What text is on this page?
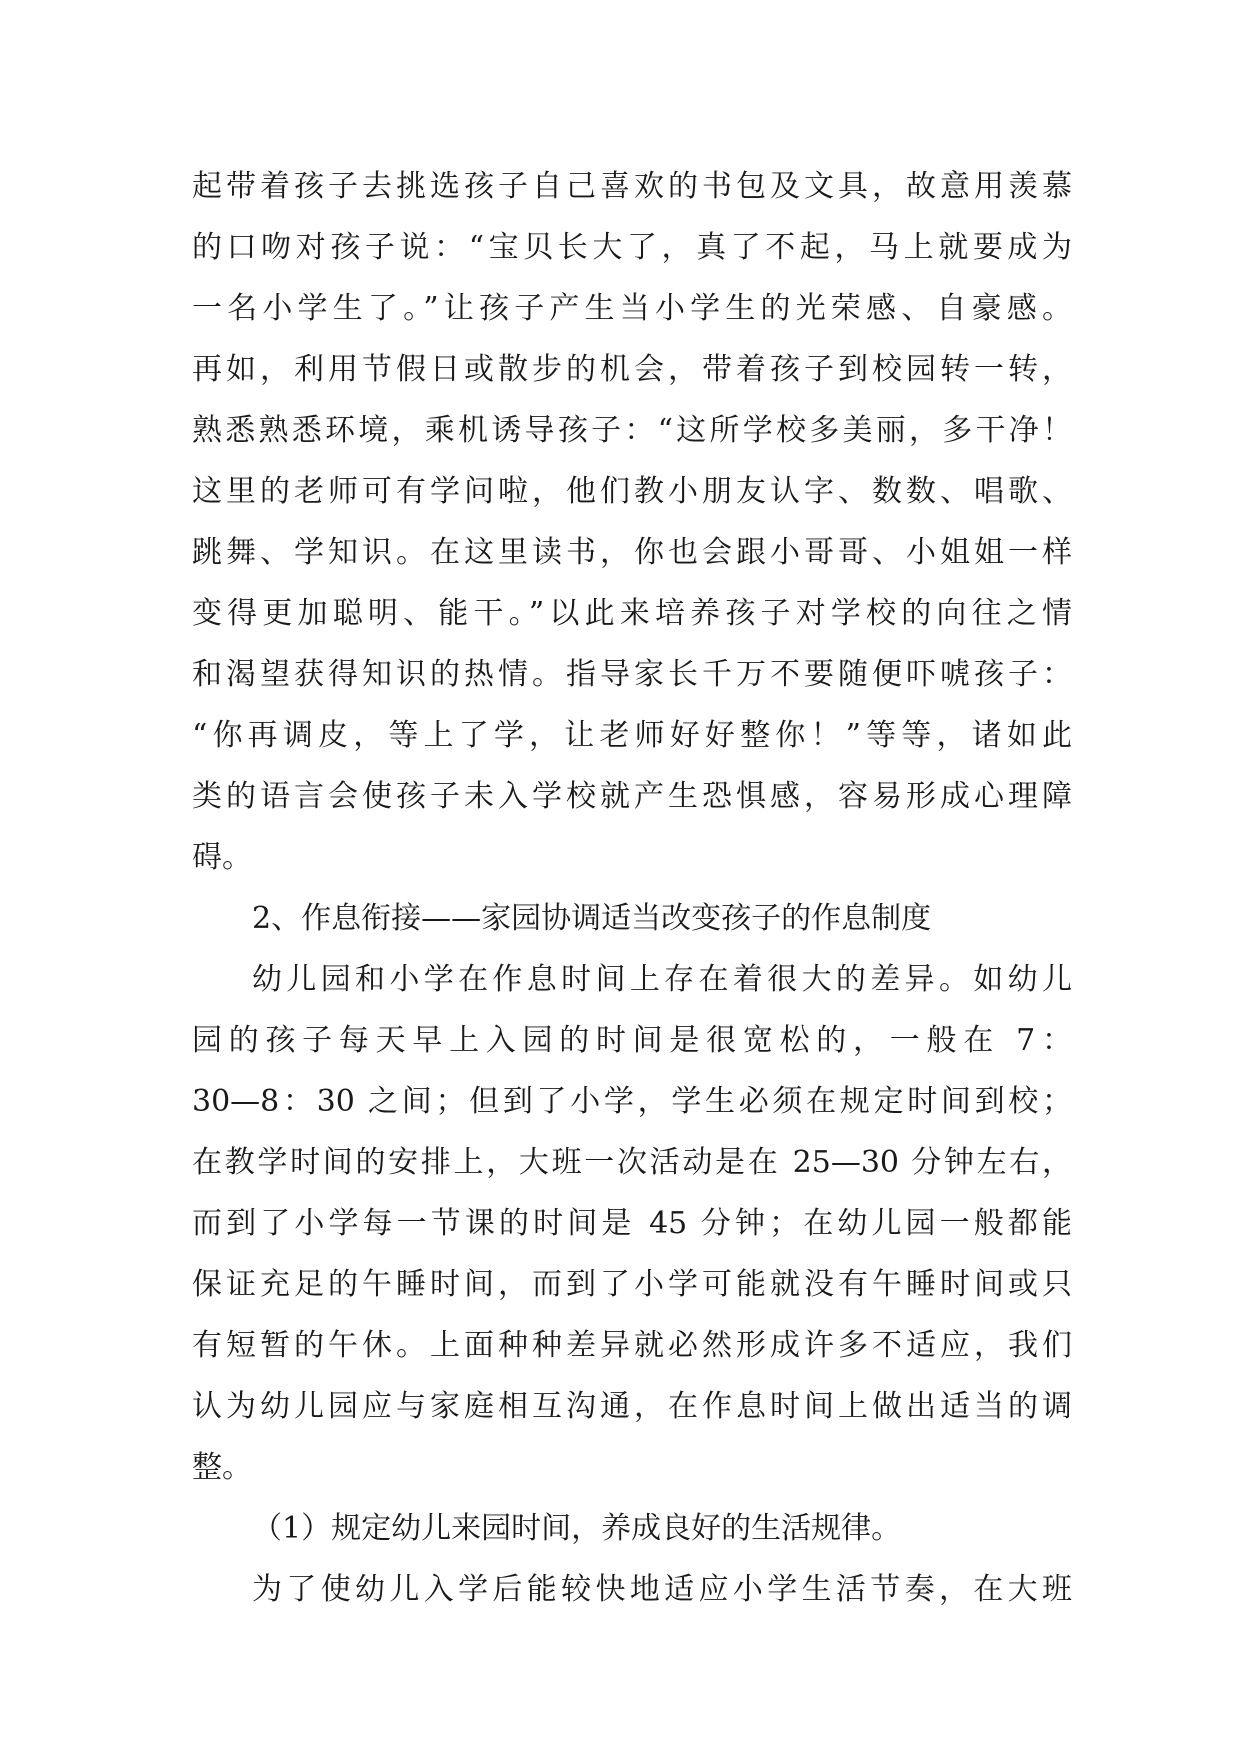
起带着孩子去挑选孩子自己喜欢的书包及文具，故意用羡慕
的口吻对孩子说：“宝贝长大了，真了不起，马上就要成为
一名小学生了。”让孩子产生当小学生的光荣感、自豪感。
再如，利用节假日或散步的机会，带着孩子到校园转一转，
熟悉熟悉环境，乘机诱导孩子：“这所学校多美丽，多干净！
这里的老师可有学问啦，他们教小朋友认字、数数、唱歌、
跳舞、学知识。在这里读书，你也会跟小哥哥、小姐姐一样
变得更加聪明、能干。”以此来培养孩子对学校的向往之情
和渴望获得知识的热情。指导家长千万不要随便吓唬孩子：
“你再调皮，等上了学，让老师好好整你！”等等，诸如此
类的语言会使孩子未入学校就产生恐惧感，容易形成心理障
碍。
2、作息衔接——家园协调适当改变孩子的作息制度
幼儿园和小学在作息时间上存在着很大的差异。如幼儿
园的孩子每天早上入园的时间是很宽松的，一般在 7：
30—8：30 之间；但到了小学，学生必须在规定时间到校；
在教学时间的安排上，大班一次活动是在 25—30 分钟左右，
而到了小学每一节课的时间是 45 分钟；在幼儿园一般都能
保证充足的午睡时间，而到了小学可能就没有午睡时间或只
有短暂的午休。上面种种差异就必然形成许多不适应，我们
认为幼儿园应与家庭相互沟通，在作息时间上做出适当的调
整。
（1）规定幼儿来园时间，养成良好的生活规律。
为了使幼儿入学后能较快地适应小学生活节奏，在大班
